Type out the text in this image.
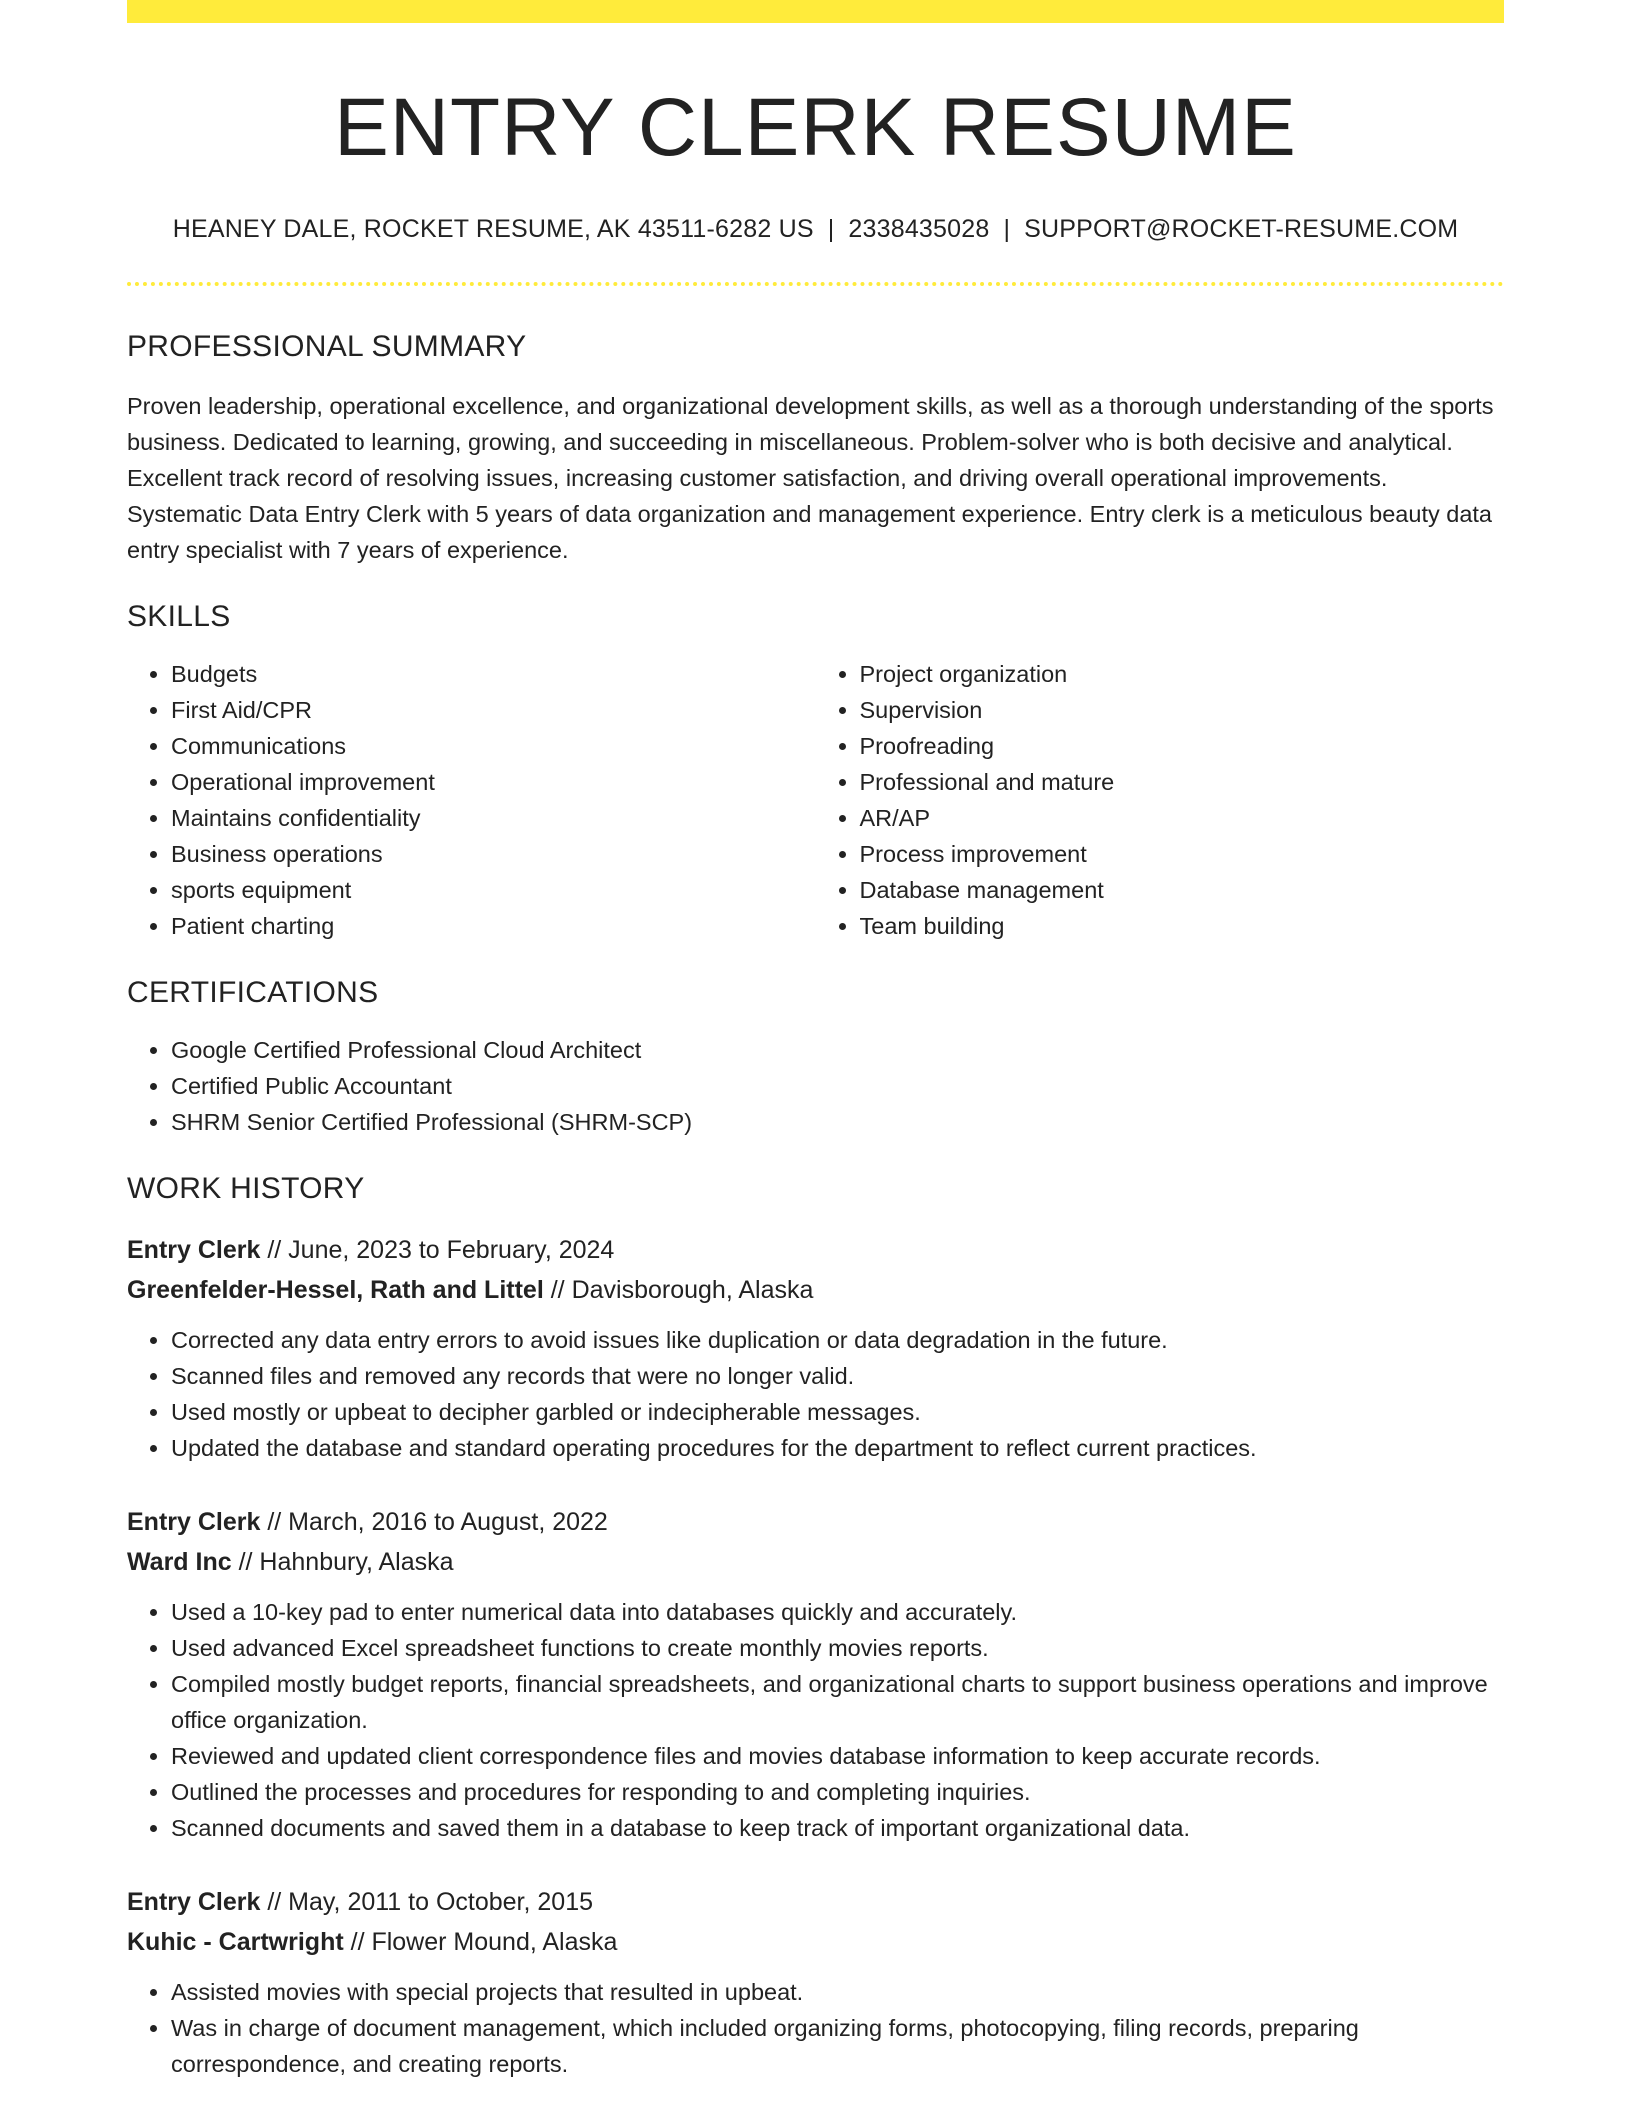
ENTRY CLERK RESUME
HEANEY DALE, ROCKET RESUME, AK 43511-6282 US | 2338435028 | SUPPORT@ROCKET-RESUME.COM
PROFESSIONAL SUMMARY
Proven leadership, operational excellence, and organizational development skills, as well as a thorough understanding of the sports business. Dedicated to learning, growing, and succeeding in miscellaneous. Problem-solver who is both decisive and analytical. Excellent track record of resolving issues, increasing customer satisfaction, and driving overall operational improvements. Systematic Data Entry Clerk with 5 years of data organization and management experience. Entry clerk is a meticulous beauty data entry specialist with 7 years of experience.
SKILLS
• Budgets
• First Aid/CPR
• Communications
• Operational improvement
• Maintains confidentiality
• Business operations
• sports equipment
• Patient charting
• Project organization
• Supervision
• Proofreading
• Professional and mature
• AR/AP
• Process improvement
• Database management
• Team building
CERTIFICATIONS
• Google Certified Professional Cloud Architect
• Certified Public Accountant
• SHRM Senior Certified Professional (SHRM-SCP)
WORK HISTORY
Entry Clerk // June, 2023 to February, 2024
Greenfelder-Hessel, Rath and Littel // Davisborough, Alaska
• Corrected any data entry errors to avoid issues like duplication or data degradation in the future.
• Scanned files and removed any records that were no longer valid.
• Used mostly or upbeat to decipher garbled or indecipherable messages.
• Updated the database and standard operating procedures for the department to reflect current practices.
Entry Clerk // March, 2016 to August, 2022
Ward Inc // Hahnbury, Alaska
• Used a 10-key pad to enter numerical data into databases quickly and accurately.
• Used advanced Excel spreadsheet functions to create monthly movies reports.
• Compiled mostly budget reports, financial spreadsheets, and organizational charts to support business operations and improve office organization.
• Reviewed and updated client correspondence files and movies database information to keep accurate records.
• Outlined the processes and procedures for responding to and completing inquiries.
• Scanned documents and saved them in a database to keep track of important organizational data.
Entry Clerk // May, 2011 to October, 2015
Kuhic - Cartwright // Flower Mound, Alaska
• Assisted movies with special projects that resulted in upbeat.
• Was in charge of document management, which included organizing forms, photocopying, filing records, preparing correspondence, and creating reports.
